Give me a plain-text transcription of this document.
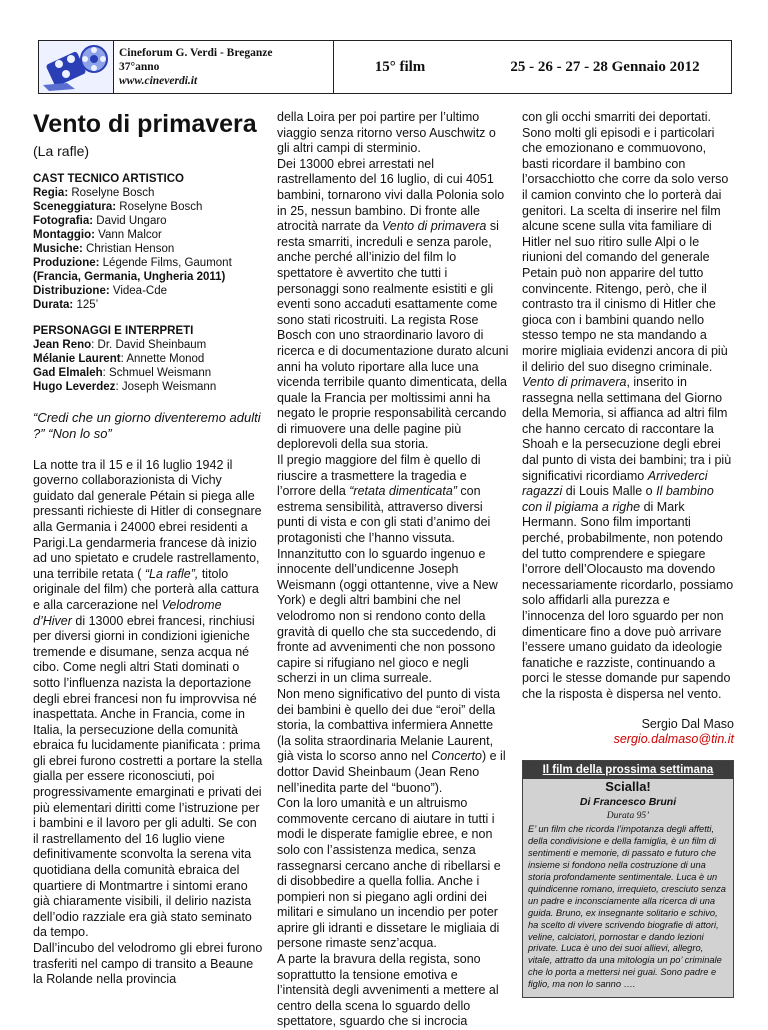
Cineforum G. Verdi - Breganze
37°anno
www.cineverdi.it
15° film	25 - 26 - 27 - 28 Gennaio 2012
Vento di primavera
(La rafle)
CAST TECNICO ARTISTICO
Regia: Roselyne Bosch
Sceneggiatura: Roselyne Bosch
Fotografia: David Ungaro
Montaggio: Vann Malcor
Musiche: Christian Henson
Produzione: Légende Films, Gaumont
(Francia, Germania, Ungheria 2011)
Distribuzione: Videa-Cde
Durata: 125’
PERSONAGGI E INTERPRETI
Jean Reno: Dr. David Sheinbaum
Mélanie Laurent: Annette Monod
Gad Elmaleh: Schmuel Weismann
Hugo Leverdez: Joseph Weismann
“Credi che un giorno diventeremo adulti ?” “Non lo so”

La notte tra il 15 e il 16 luglio 1942 il governo collaborazionista di Vichy guidato dal generale Pétain si piega alle pressanti richieste di Hitler di consegnare alla Germania i 24000 ebrei residenti a Parigi.La gendarmeria francese dà inizio ad uno spietato e crudele rastrellamento, una terribile retata ( “La rafle”, titolo originale del film) che porterà alla cattura e alla carcerazione nel Velodrome d’Hiver di 13000 ebrei francesi, rinchiusi per diversi giorni in condizioni igieniche tremende e disumane, senza acqua né cibo. Come negli altri Stati dominati o sotto l’influenza nazista la deportazione degli ebrei francesi non fu improvvisa né inaspettata. Anche in Francia, come in Italia, la persecuzione della comunità ebraica fu lucidamente pianificata : prima gli ebrei furono costretti a portare la stella gialla per essere riconosciuti, poi progressivamente emarginati e privati dei più elementari diritti come l’istruzione per i bambini e il lavoro per gli adulti. Se con il rastrellamento del 16 luglio viene definitivamente sconvolta la serena vita quotidiana della comunità ebraica del quartiere di Montmartre i sintomi erano già chiaramente visibili, il delirio nazista dell’odio razziale era già stato seminato da tempo.
Dall’incubo del velodromo gli ebrei furono trasferiti nel campo di transito a Beaune la Rolande nella provincia

della Loira per poi partire per l’ultimo viaggio senza ritorno verso Auschwitz o gli altri campi di sterminio.
Dei 13000 ebrei arrestati nel rastrellamento del 16 luglio, di cui 4051 bambini, tornarono vivi dalla Polonia solo in 25, nessun bambino. Di fronte alle atrocità narrate da Vento di primavera si resta smarriti, increduli e senza parole, anche perché all’inizio del film lo spettatore è avvertito che tutti i personaggi sono realmente esistiti e gli eventi sono accaduti esattamente come sono stati ricostruiti. La regista Rose Bosch con uno straordinario lavoro di ricerca e di documentazione durato alcuni anni ha voluto riportare alla luce una vicenda terribile quanto dimenticata, della quale la Francia per moltissimi anni ha negato le proprie responsabilità cercando di rimuovere una delle pagine più deplorevoli della sua storia.
Il pregio maggiore del film è quello di riuscire a trasmettere la tragedia e l’orrore della “retata dimenticata” con estrema sensibilità, attraverso diversi punti di vista e con gli stati d’animo dei protagonisti che l’hanno vissuta. Innanzitutto con lo sguardo ingenuo e innocente dell’undicenne Joseph Weismann (oggi ottantenne, vive a New York) e degli altri bambini che nel velodromo non si rendono conto della gravità di quello che sta succedendo, di fronte ad avvenimenti che non possono capire si rifugiano nel gioco e negli scherzi in un clima surreale.
Non meno significativo del punto di vista dei bambini è quello dei due “eroi” della storia, la combattiva infermiera Annette (la solita straordinaria Melanie Laurent, già vista lo scorso anno nel Concerto) e il dottor David Sheinbaum (Jean Reno nell’inedita parte del “buono”).
Con la loro umanità e un altruismo commovente cercano di aiutare in tutti i modi le disperate famiglie ebree, e non solo con l’assistenza medica, senza rassegnarsi cercano anche di ribellarsi e di disobbedire a quella follia. Anche i pompieri non si piegano agli ordini dei militari e simulano un incendio per poter aprire gli idranti e dissetare le migliaia di persone rimaste senz’acqua.
A parte la bravura della regista, sono soprattutto la tensione emotiva e l’intensità degli avvenimenti a mettere al centro della scena lo sguardo dello spettatore, sguardo che si incrocia

con gli occhi smarriti dei deportati. Sono molti gli episodi e i particolari che emozionano e commuovono, basti ricordare il bambino con l’orsacchiotto che corre da solo verso il camion convinto che lo porterà dai genitori. La scelta di inserire nel film alcune scene sulla vita familiare di Hitler nel suo ritiro sulle Alpi o le riunioni del comando del generale Petain può non apparire del tutto convincente. Ritengo, però, che il contrasto tra il cinismo di Hitler che gioca con i bambini quando nello stesso tempo ne sta mandando a morire migliaia evidenzi ancora di più il delirio del suo disegno criminale.
Vento di primavera, inserito in rassegna nella settimana del Giorno della Memoria, si affianca ad altri film che hanno cercato di raccontare la Shoah e la persecuzione degli ebrei dal punto di vista dei bambini; tra i più significativi ricordiamo Arrivederci ragazzi di Louis Malle o Il bambino con il pigiama a righe di Mark Hermann. Sono film importanti perché, probabilmente, non potendo del tutto comprendere e spiegare l’orrore dell’Olocausto ma dovendo necessariamente ricordarlo, possiamo solo affidarli alla purezza e l’innocenza del loro sguardo per non dimenticare fino a dove può arrivare l’essere umano guidato da ideologie fanatiche e razziste, continuando a porci le stesse domande pur sapendo che la risposta è dispersa nel vento.

Sergio Dal Maso
sergio.dalmaso@tin.it
Il film della prossima settimana
Scialla!
Di Francesco Bruni
Durata 95’
E’ un film che ricorda l’impotanza degli affetti, della condivisione e della famiglia, è un film di sentimenti e memorie, di passato e futuro che insieme si fondono nella costruzione di una storia profondamente sentimentale. Luca è un quindicenne romano, irrequieto, cresciuto senza un padre e inconsciamente alla ricerca di una guida. Bruno, ex insegnante solitario e schivo, ha scelto di vivere scrivendo biografie di attori, veline, calciatori, pornostar e dando lezioni private. Luca è uno dei suoi allievi, allegro, vitale, attratto da una mitologia un po’ criminale che lo porta a mettersi nei guai. Sono padre e figlio, ma non lo sanno ….
